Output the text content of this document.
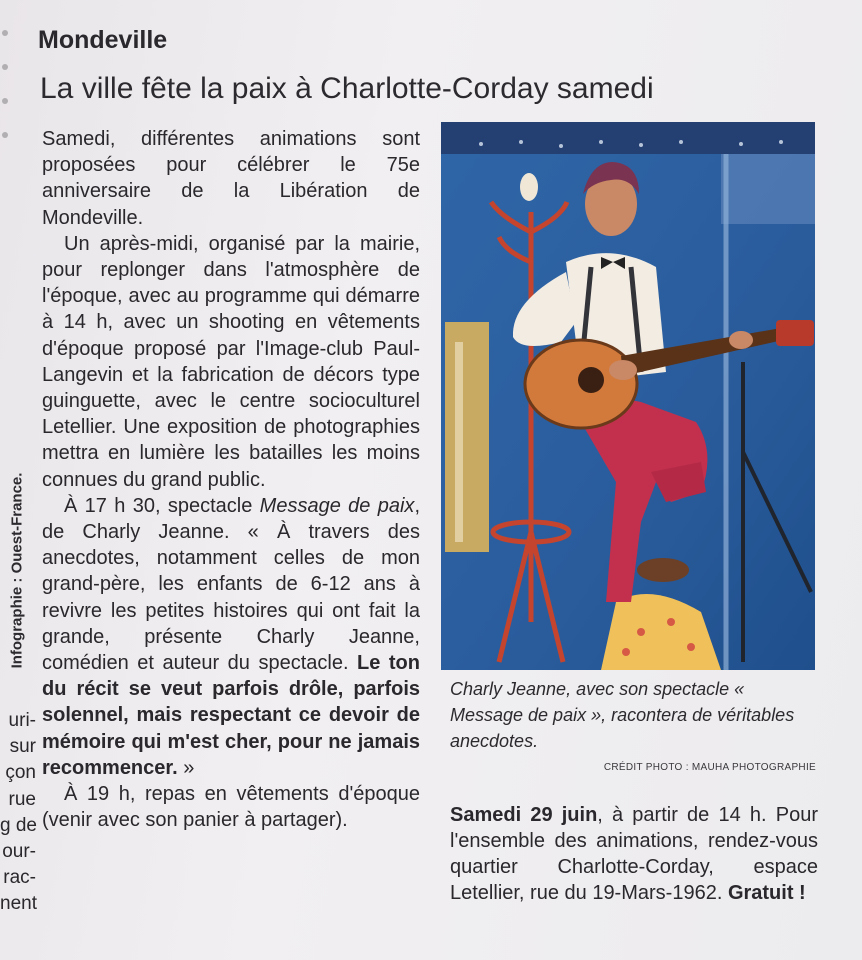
Mondeville
La ville fête la paix à Charlotte-Corday samedi

Samedi, différentes animations sont proposées pour célébrer le 75e anniversaire de la Libération de Mondeville.

Un après-midi, organisé par la mairie, pour replonger dans l'atmosphère de l'époque, avec au programme qui démarre à 14 h, avec un shooting en vêtements d'époque proposé par l'Image-club Paul-Langevin et la fabrication de décors type guinguette, avec le centre socioculturel Letellier. Une exposition de photographies mettra en lumière les batailles les moins connues du grand public.

À 17 h 30, spectacle Message de paix, de Charly Jeanne. « À travers des anecdotes, notamment celles de mon grand-père, les enfants de 6-12 ans à revivre les petites histoires qui ont fait la grande, présente Charly Jeanne, comédien et auteur du spectacle. Le ton du récit se veut parfois drôle, parfois solennel, mais respectant ce devoir de mémoire qui m'est cher, pour ne jamais recommencer. »

À 19 h, repas en vêtements d'époque (venir avec son panier à partager).

Infographie : Ouest-France.
uri-
sur
çon
rue
g de
our-
rac-
nent
Charly Jeanne, avec son spectacle « Message de paix », racontera de véritables anecdotes.
CRÉDIT PHOTO : MAUHA PHOTOGRAPHIE
Samedi 29 juin, à partir de 14 h. Pour l'ensemble des animations, rendez-vous quartier Charlotte-Corday, espace Letellier, rue du 19-Mars-1962. Gratuit !
